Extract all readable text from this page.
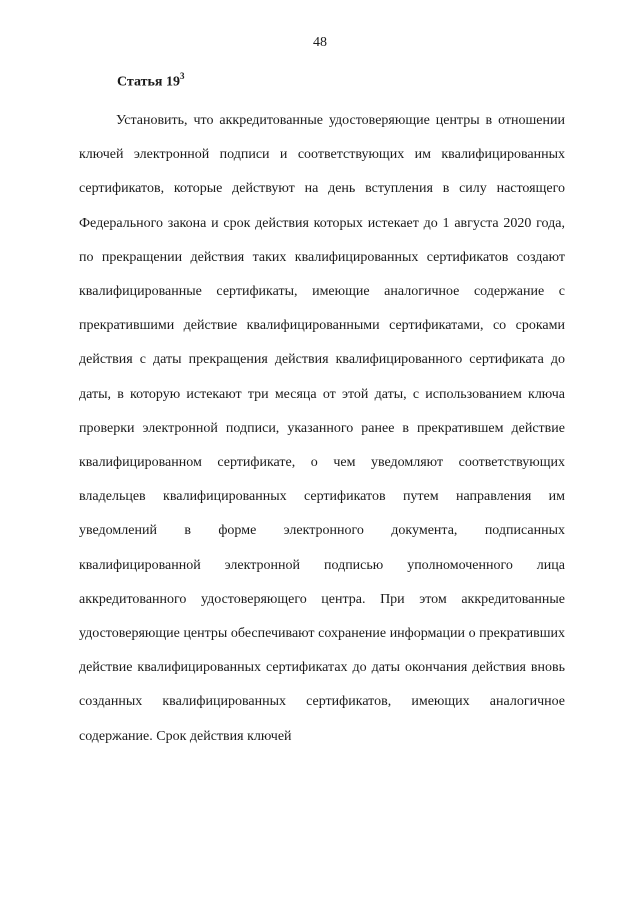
48
Статья $19^3$

Установить, что аккредитованные удостоверяющие центры в отношении ключей электронной подписи и соответствующих им квалифицированных сертификатов, которые действуют на день вступления в силу настоящего Федерального закона и срок действия которых истекает до 1 августа 2020 года, по прекращении действия таких квалифицированных сертификатов создают квалифицированные сертификаты, имеющие аналогичное содержание с прекратившими действие квалифицированными сертификатами, со сроками действия с даты прекращения действия квалифицированного сертификата до даты, в которую истекают три месяца от этой даты, с использованием ключа проверки электронной подписи, указанного ранее в прекратившем действие квалифицированном сертификате, о чем уведомляют соответствующих владельцев квалифицированных сертификатов путем направления им уведомлений в форме электронного документа, подписанных квалифицированной электронной подписью уполномоченного лица аккредитованного удостоверяющего центра. При этом аккредитованные удостоверяющие центры обеспечивают сохранение информации о прекративших действие квалифицированных сертификатах до даты окончания действия вновь созданных квалифицированных сертификатов, имеющих аналогичное содержание. Срок действия ключей
